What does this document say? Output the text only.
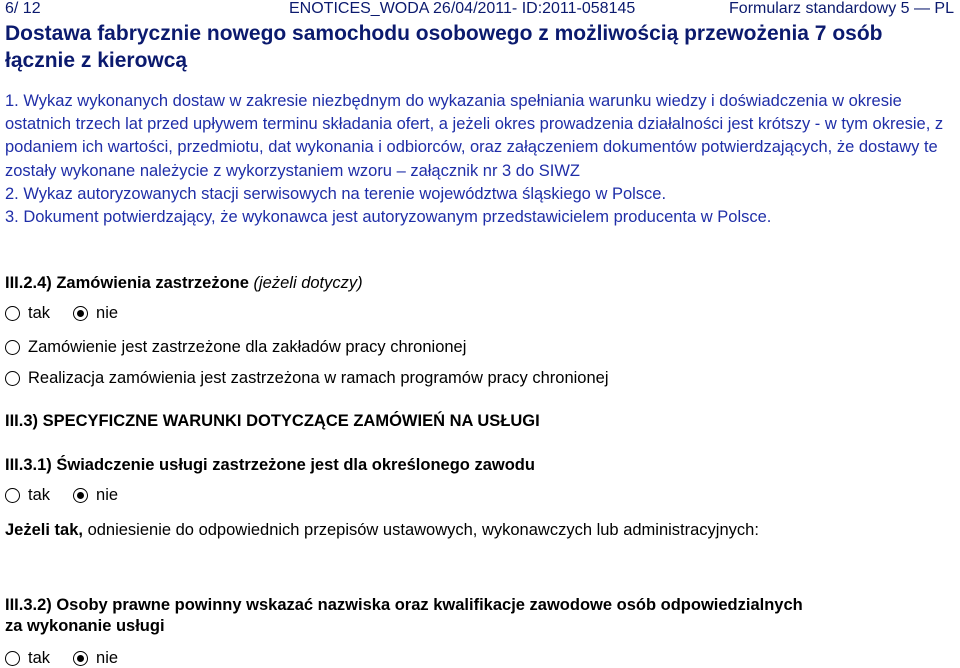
6/ 12	ENOTICES_WODA 26/04/2011- ID:2011-058145	Formularz standardowy 5 — PL
Dostawa fabrycznie nowego samochodu osobowego z możliwością przewożenia 7 osób łącznie z kierowcą
1. Wykaz wykonanych dostaw w zakresie niezbędnym do wykazania spełniania warunku wiedzy i doświadczenia w okresie ostatnich trzech lat przed upływem terminu składania ofert, a jeżeli okres prowadzenia działalności jest krótszy - w tym okresie, z podaniem ich wartości, przedmiotu, dat wykonania i odbiorców, oraz załączeniem dokumentów potwierdzających, że dostawy te zostały wykonane należycie z wykorzystaniem wzoru – załącznik nr 3 do SIWZ
2. Wykaz autoryzowanych stacji serwisowych na terenie województwa śląskiego w Polsce.
3. Dokument potwierdzający, że wykonawca jest autoryzowanym przedstawicielem producenta w Polsce.
III.2.4) Zamówienia zastrzeżone (jeżeli dotyczy)
tak	nie
Zamówienie jest zastrzeżone dla zakładów pracy chronionej
Realizacja zamówienia jest zastrzeżona w ramach programów pracy chronionej
III.3) SPECYFICZNE WARUNKI DOTYCZĄCE ZAMÓWIEŃ NA USŁUGI
III.3.1) Świadczenie usługi zastrzeżone jest dla określonego zawodu
tak	nie
Jeżeli tak, odniesienie do odpowiednich przepisów ustawowych, wykonawczych lub administracyjnych:
III.3.2) Osoby prawne powinny wskazać nazwiska oraz kwalifikacje zawodowe osób odpowiedzialnych
za wykonanie usługi
tak	nie
